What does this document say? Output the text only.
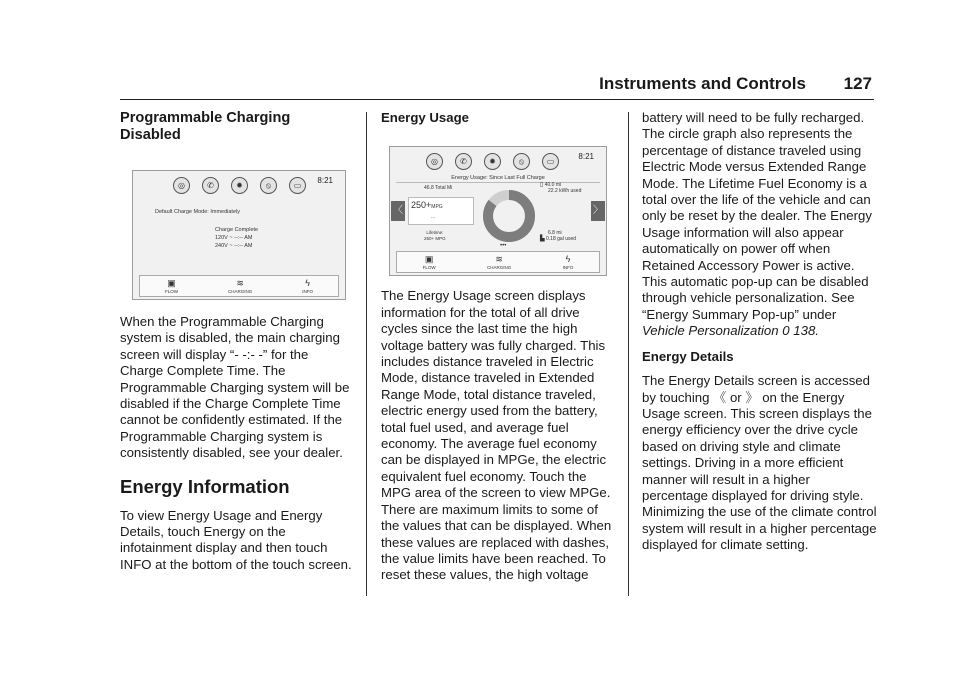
Instruments and Controls 127
Programmable Charging Disabled
◎	✆	✹	⦸	▭
8:21
Default Charge Mode: Immediately
Charge Complete
120V ~ --:-- AM
240V ~ --:-- AM
▣
FLOW
≋
CHARGING
ϟ
INFO

When the Programmable Charging system is disabled, the main charging screen will display “- -:- -” for the Charge Complete Time. The Programmable Charging system will be disabled if the Charge Complete Time cannot be confidently estimated. If the Programmable Charging system is consistently disabled, see your dealer.

Energy Information

To view Energy Usage and Energy Details, touch Energy on the infotainment display and then touch INFO at the bottom of the touch screen.

Energy Usage
◎	✆	✹	⦸	▭
8:21
Energy Usage: Since Last Full Charge
46.8 Total Mi
〈	〉
250+MPG
...
Lifetime:
250+ MPG
▯ 40.0 mi
22.2 kWh used
6.8 mi
▙ 0.18 gal used
•••
▣
FLOW
≋
CHARGING
ϟ
INFO

The Energy Usage screen displays information for the total of all drive cycles since the last time the high voltage battery was fully charged. This includes distance traveled in Electric Mode, distance traveled in Extended Range Mode, total distance traveled, electric energy used from the battery, total fuel used, and average fuel economy. The average fuel economy can be displayed in MPGe, the electric equivalent fuel economy. Touch the MPG area of the screen to view MPGe. There are maximum limits to some of the values that can be displayed. When these values are replaced with dashes, the value limits have been reached. To reset these values, the high voltage

battery will need to be fully recharged. The circle graph also represents the percentage of distance traveled using Electric Mode versus Extended Range Mode. The Lifetime Fuel Economy is a total over the life of the vehicle and can only be reset by the dealer. The Energy Usage information will also appear automatically on power off when Retained Accessory Power is active. This automatic pop-up can be disabled through vehicle personalization. See “Energy Summary Pop-up” under Vehicle Personalization 0 138.

Energy Details

The Energy Details screen is accessed by touching 《 or 》 on the Energy Usage screen. This screen displays the energy efficiency over the drive cycle based on driving style and climate settings. Driving in a more efficient manner will result in a higher percentage displayed for driving style. Minimizing the use of the climate control system will result in a higher percentage displayed for climate setting.
